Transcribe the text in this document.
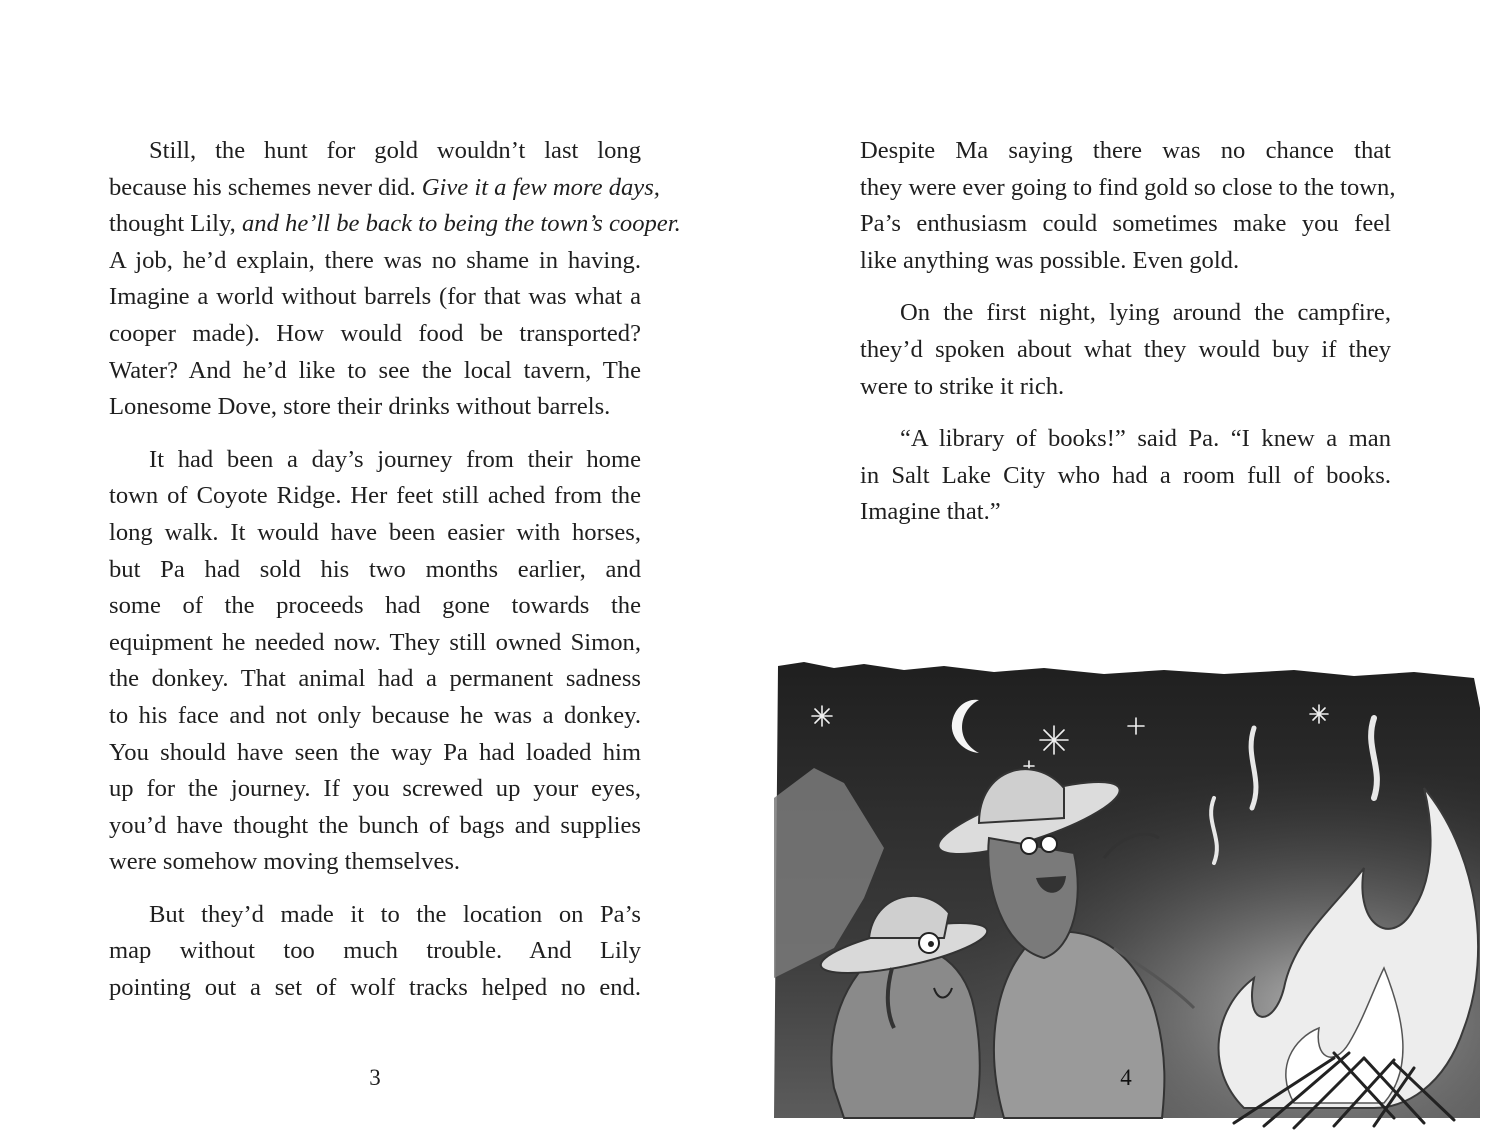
Still, the hunt for gold wouldn’t last long
because his schemes never did. Give it a few more days,
thought Lily, and he’ll be back to being the town’s cooper.
A job, he’d explain, there was no shame in having.
Imagine a world without barrels (for that was what a
cooper made). How would food be transported?
Water? And he’d like to see the local tavern, The
Lonesome Dove, store their drinks without barrels.

It had been a day’s journey from their home
town of Coyote Ridge. Her feet still ached from the
long walk. It would have been easier with horses,
but Pa had sold his two months earlier, and
some of the proceeds had gone towards the
equipment he needed now. They still owned Simon,
the donkey. That animal had a permanent sadness
to his face and not only because he was a donkey.
You should have seen the way Pa had loaded him
up for the journey. If you screwed up your eyes,
you’d have thought the bunch of bags and supplies
were somehow moving themselves.

But they’d made it to the location on Pa’s
map without too much trouble. And Lily
pointing out a set of wolf tracks helped no end.

3

Despite Ma saying there was no chance that
they were ever going to find gold so close to the town,
Pa’s enthusiasm could sometimes make you feel
like anything was possible. Even gold.

On the first night, lying around the campfire,
they’d spoken about what they would buy if they
were to strike it rich.

“A library of books!” said Pa. “I knew a man
in Salt Lake City who had a room full of books.
Imagine that.”

4
